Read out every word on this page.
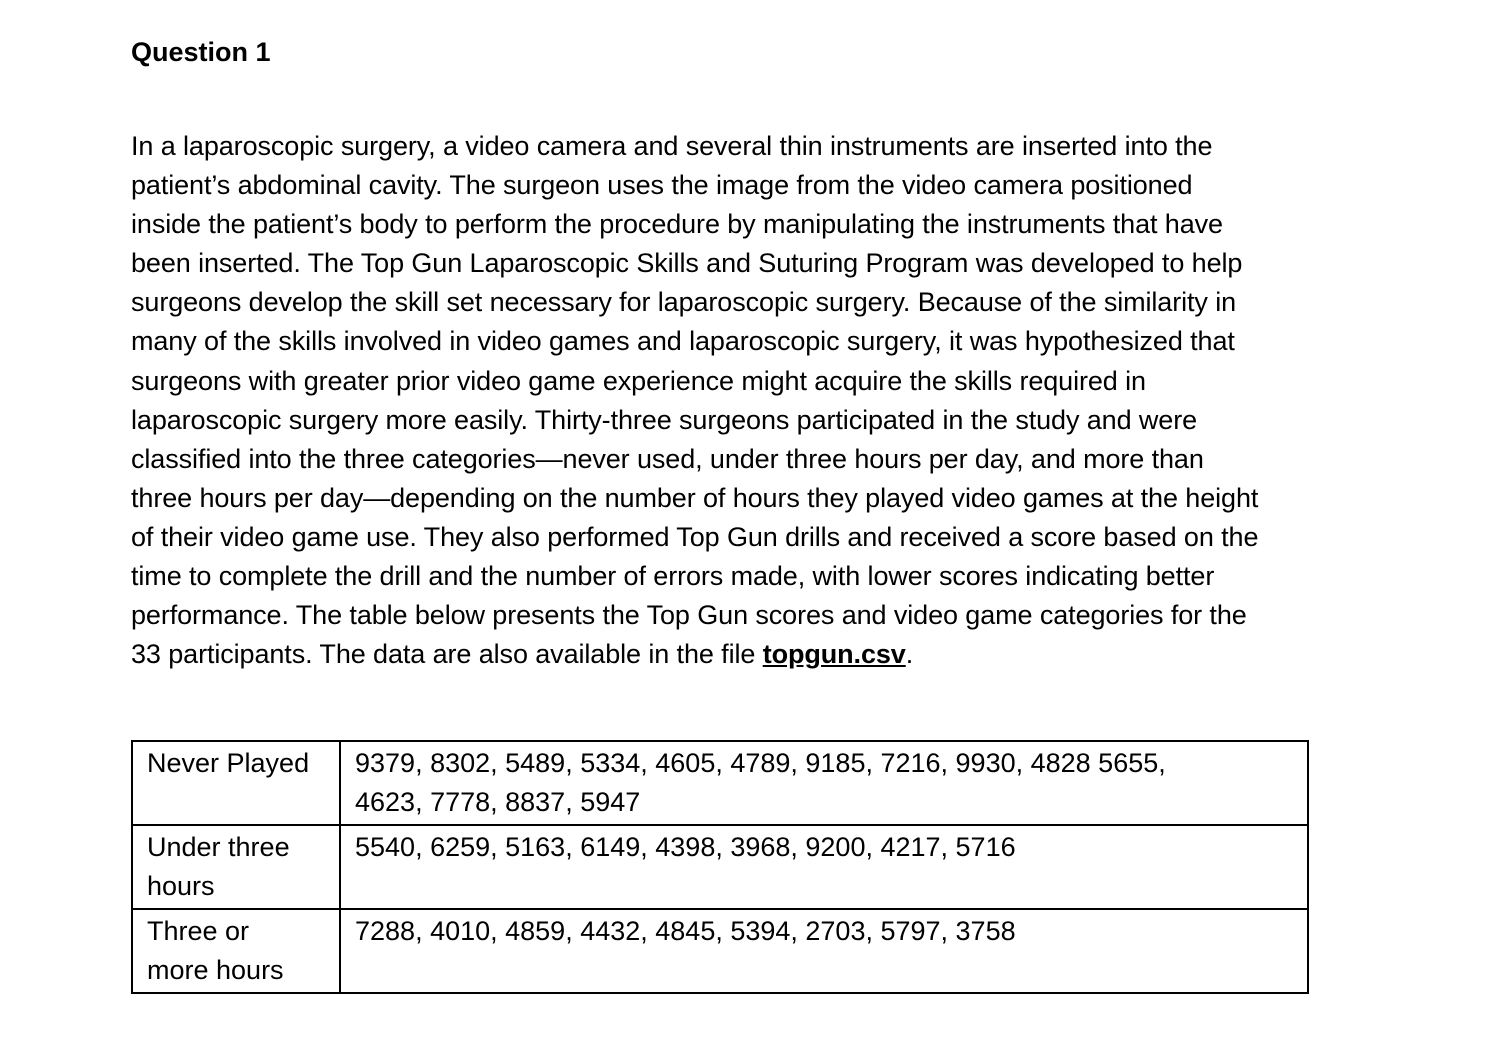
Question 1
In a laparoscopic surgery, a video camera and several thin instruments are inserted into the
patient’s abdominal cavity. The surgeon uses the image from the video camera positioned
inside the patient’s body to perform the procedure by manipulating the instruments that have
been inserted. The Top Gun Laparoscopic Skills and Suturing Program was developed to help
surgeons develop the skill set necessary for laparoscopic surgery. Because of the similarity in
many of the skills involved in video games and laparoscopic surgery, it was hypothesized that
surgeons with greater prior video game experience might acquire the skills required in
laparoscopic surgery more easily. Thirty-three surgeons participated in the study and were
classified into the three categories—never used, under three hours per day, and more than
three hours per day—depending on the number of hours they played video games at the height
of their video game use. They also performed Top Gun drills and received a score based on the
time to complete the drill and the number of errors made, with lower scores indicating better
performance. The table below presents the Top Gun scores and video game categories for the
33 participants. The data are also available in the file topgun.csv.
Never Played	9379, 8302, 5489, 5334, 4605, 4789, 9185, 7216, 9930, 4828 5655,
4623, 7778, 8837, 5947

Under three
hours	5540, 6259, 5163, 6149, 4398, 3968, 9200, 4217, 5716

Three or
more hours	7288, 4010, 4859, 4432, 4845, 5394, 2703, 5797, 3758
